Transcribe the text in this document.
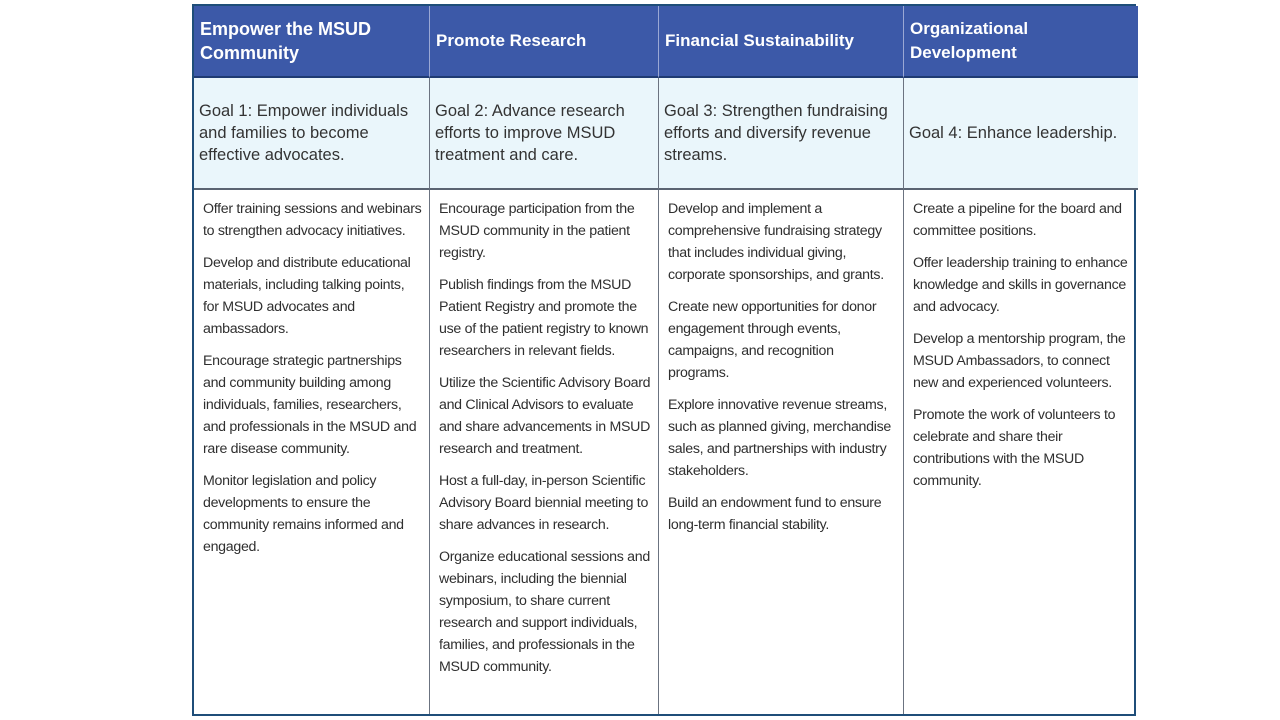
Empower the MSUD Community
Promote Research	Financial Sustainability
Organizational Development
Goal 1: Empower individuals and families to become effective advocates.
Goal 2: Advance research efforts to improve MSUD treatment and care.
Goal 3: Strengthen fundraising efforts and diversify revenue streams.
Goal 4: Enhance leadership.

Offer training sessions and webinars to strengthen advocacy initiatives.

Develop and distribute educational materials, including talking points, for MSUD advocates and ambassadors.

Encourage strategic partnerships and community building among individuals, families, researchers, and professionals in the MSUD and rare disease community.

Monitor legislation and policy developments to ensure the community remains informed and engaged.

Encourage participation from the MSUD community in the patient registry.

Publish findings from the MSUD Patient Registry and promote the use of the patient registry to known researchers in relevant fields.

Utilize the Scientific Advisory Board and Clinical Advisors to evaluate and share advancements in MSUD research and treatment.

Host a full-day, in-person Scientific Advisory Board biennial meeting to share advances in research.

Organize educational sessions and webinars, including the biennial symposium, to share current research and support individuals, families, and professionals in the MSUD community.

Develop and implement a comprehensive fundraising strategy that includes individual giving, corporate sponsorships, and grants.

Create new opportunities for donor engagement through events, campaigns, and recognition programs.

Explore innovative revenue streams, such as planned giving, merchandise sales, and partnerships with industry stakeholders.

Build an endowment fund to ensure long-term financial stability.

Create a pipeline for the board and committee positions.

Offer leadership training to enhance knowledge and skills in governance and advocacy.

Develop a mentorship program, the MSUD Ambassadors, to connect new and experienced volunteers.

Promote the work of volunteers to celebrate and share their contributions with the MSUD community.
